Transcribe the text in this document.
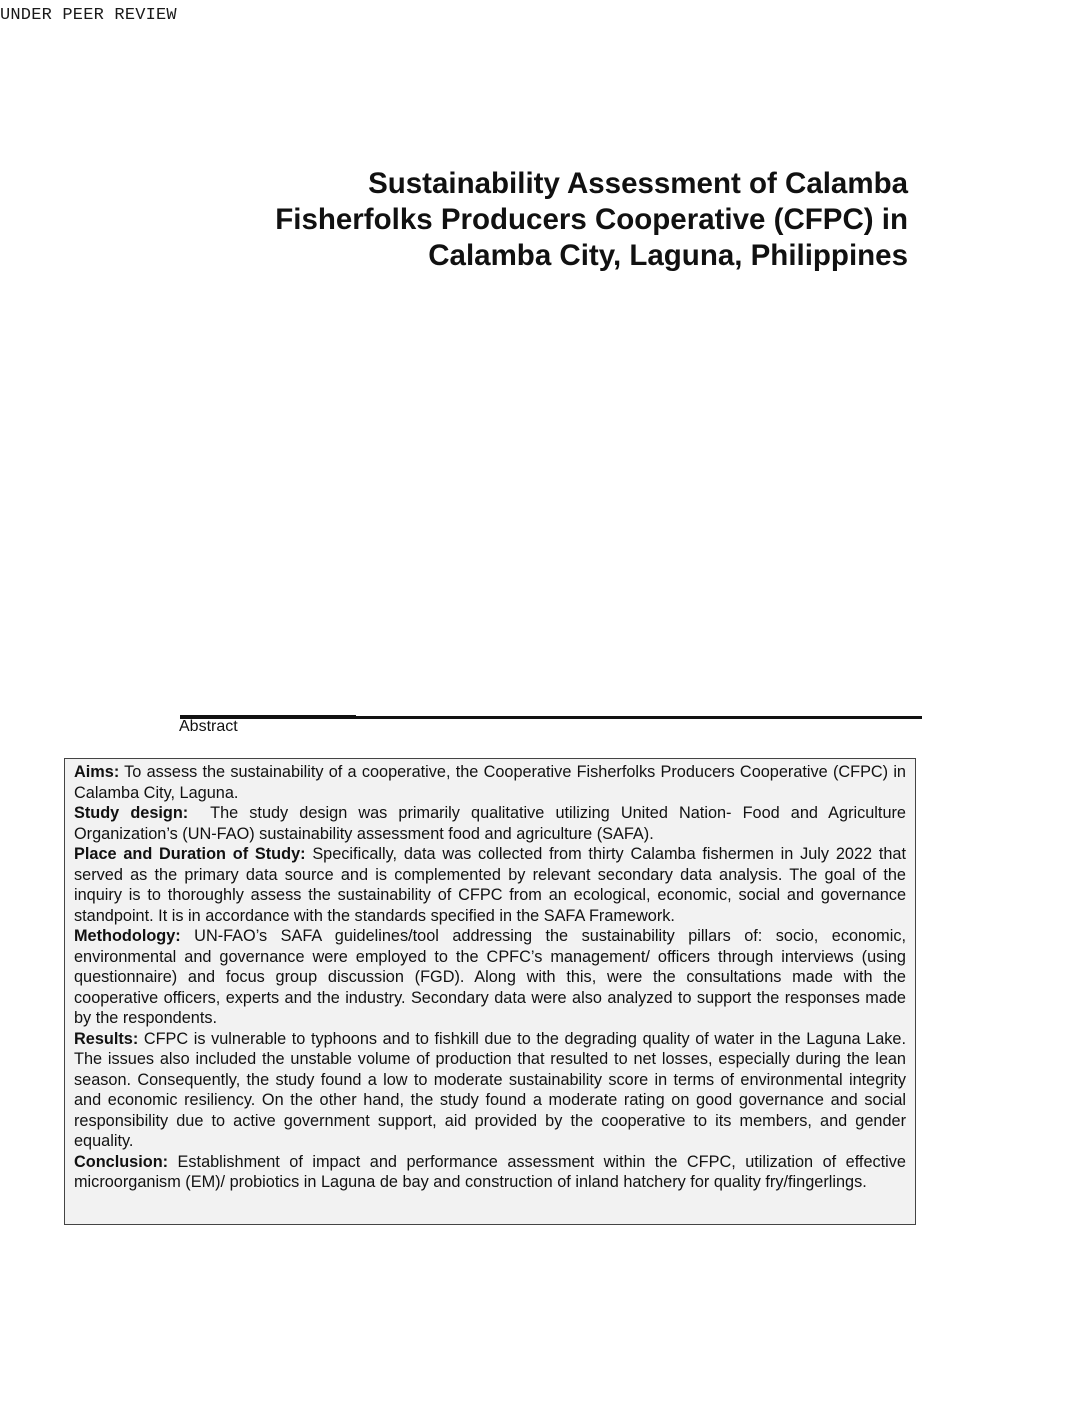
UNDER PEER REVIEW
Sustainability Assessment of Calamba
Fisherfolks Producers Cooperative (CFPC) in
Calamba City, Laguna, Philippines
Abstract

Aims: To assess the sustainability of a cooperative, the Cooperative Fisherfolks Producers Cooperative (CFPC) in Calamba City, Laguna.

Study design:  The study design was primarily qualitative utilizing United Nation- Food and Agriculture Organization’s (UN-FAO) sustainability assessment food and agriculture (SAFA).

Place and Duration of Study: Specifically, data was collected from thirty Calamba fishermen in July 2022 that served as the primary data source and is complemented by relevant secondary data analysis. The goal of the inquiry is to thoroughly assess the sustainability of CFPC from an ecological, economic, social and governance standpoint. It is in accordance with the standards specified in the SAFA Framework.

Methodology: UN-FAO’s SAFA guidelines/tool addressing the sustainability pillars of: socio, economic, environmental and governance were employed to the CPFC’s management/ officers through interviews (using questionnaire) and focus group discussion (FGD). Along with this, were the consultations made with the cooperative officers, experts and the industry. Secondary data were also analyzed to support the responses made by the respondents.

Results: CFPC is vulnerable to typhoons and to fishkill due to the degrading quality of water in the Laguna Lake. The issues also included the unstable volume of production that resulted to net losses, especially during the lean season. Consequently, the study found a low to moderate sustainability score in terms of environmental integrity and economic resiliency. On the other hand, the study found a moderate rating on good governance and social responsibility due to active government support, aid provided by the cooperative to its members, and gender equality.

Conclusion: Establishment of impact and performance assessment within the CFPC, utilization of effective microorganism (EM)/ probiotics in Laguna de bay and construction of inland hatchery for quality fry/fingerlings.
